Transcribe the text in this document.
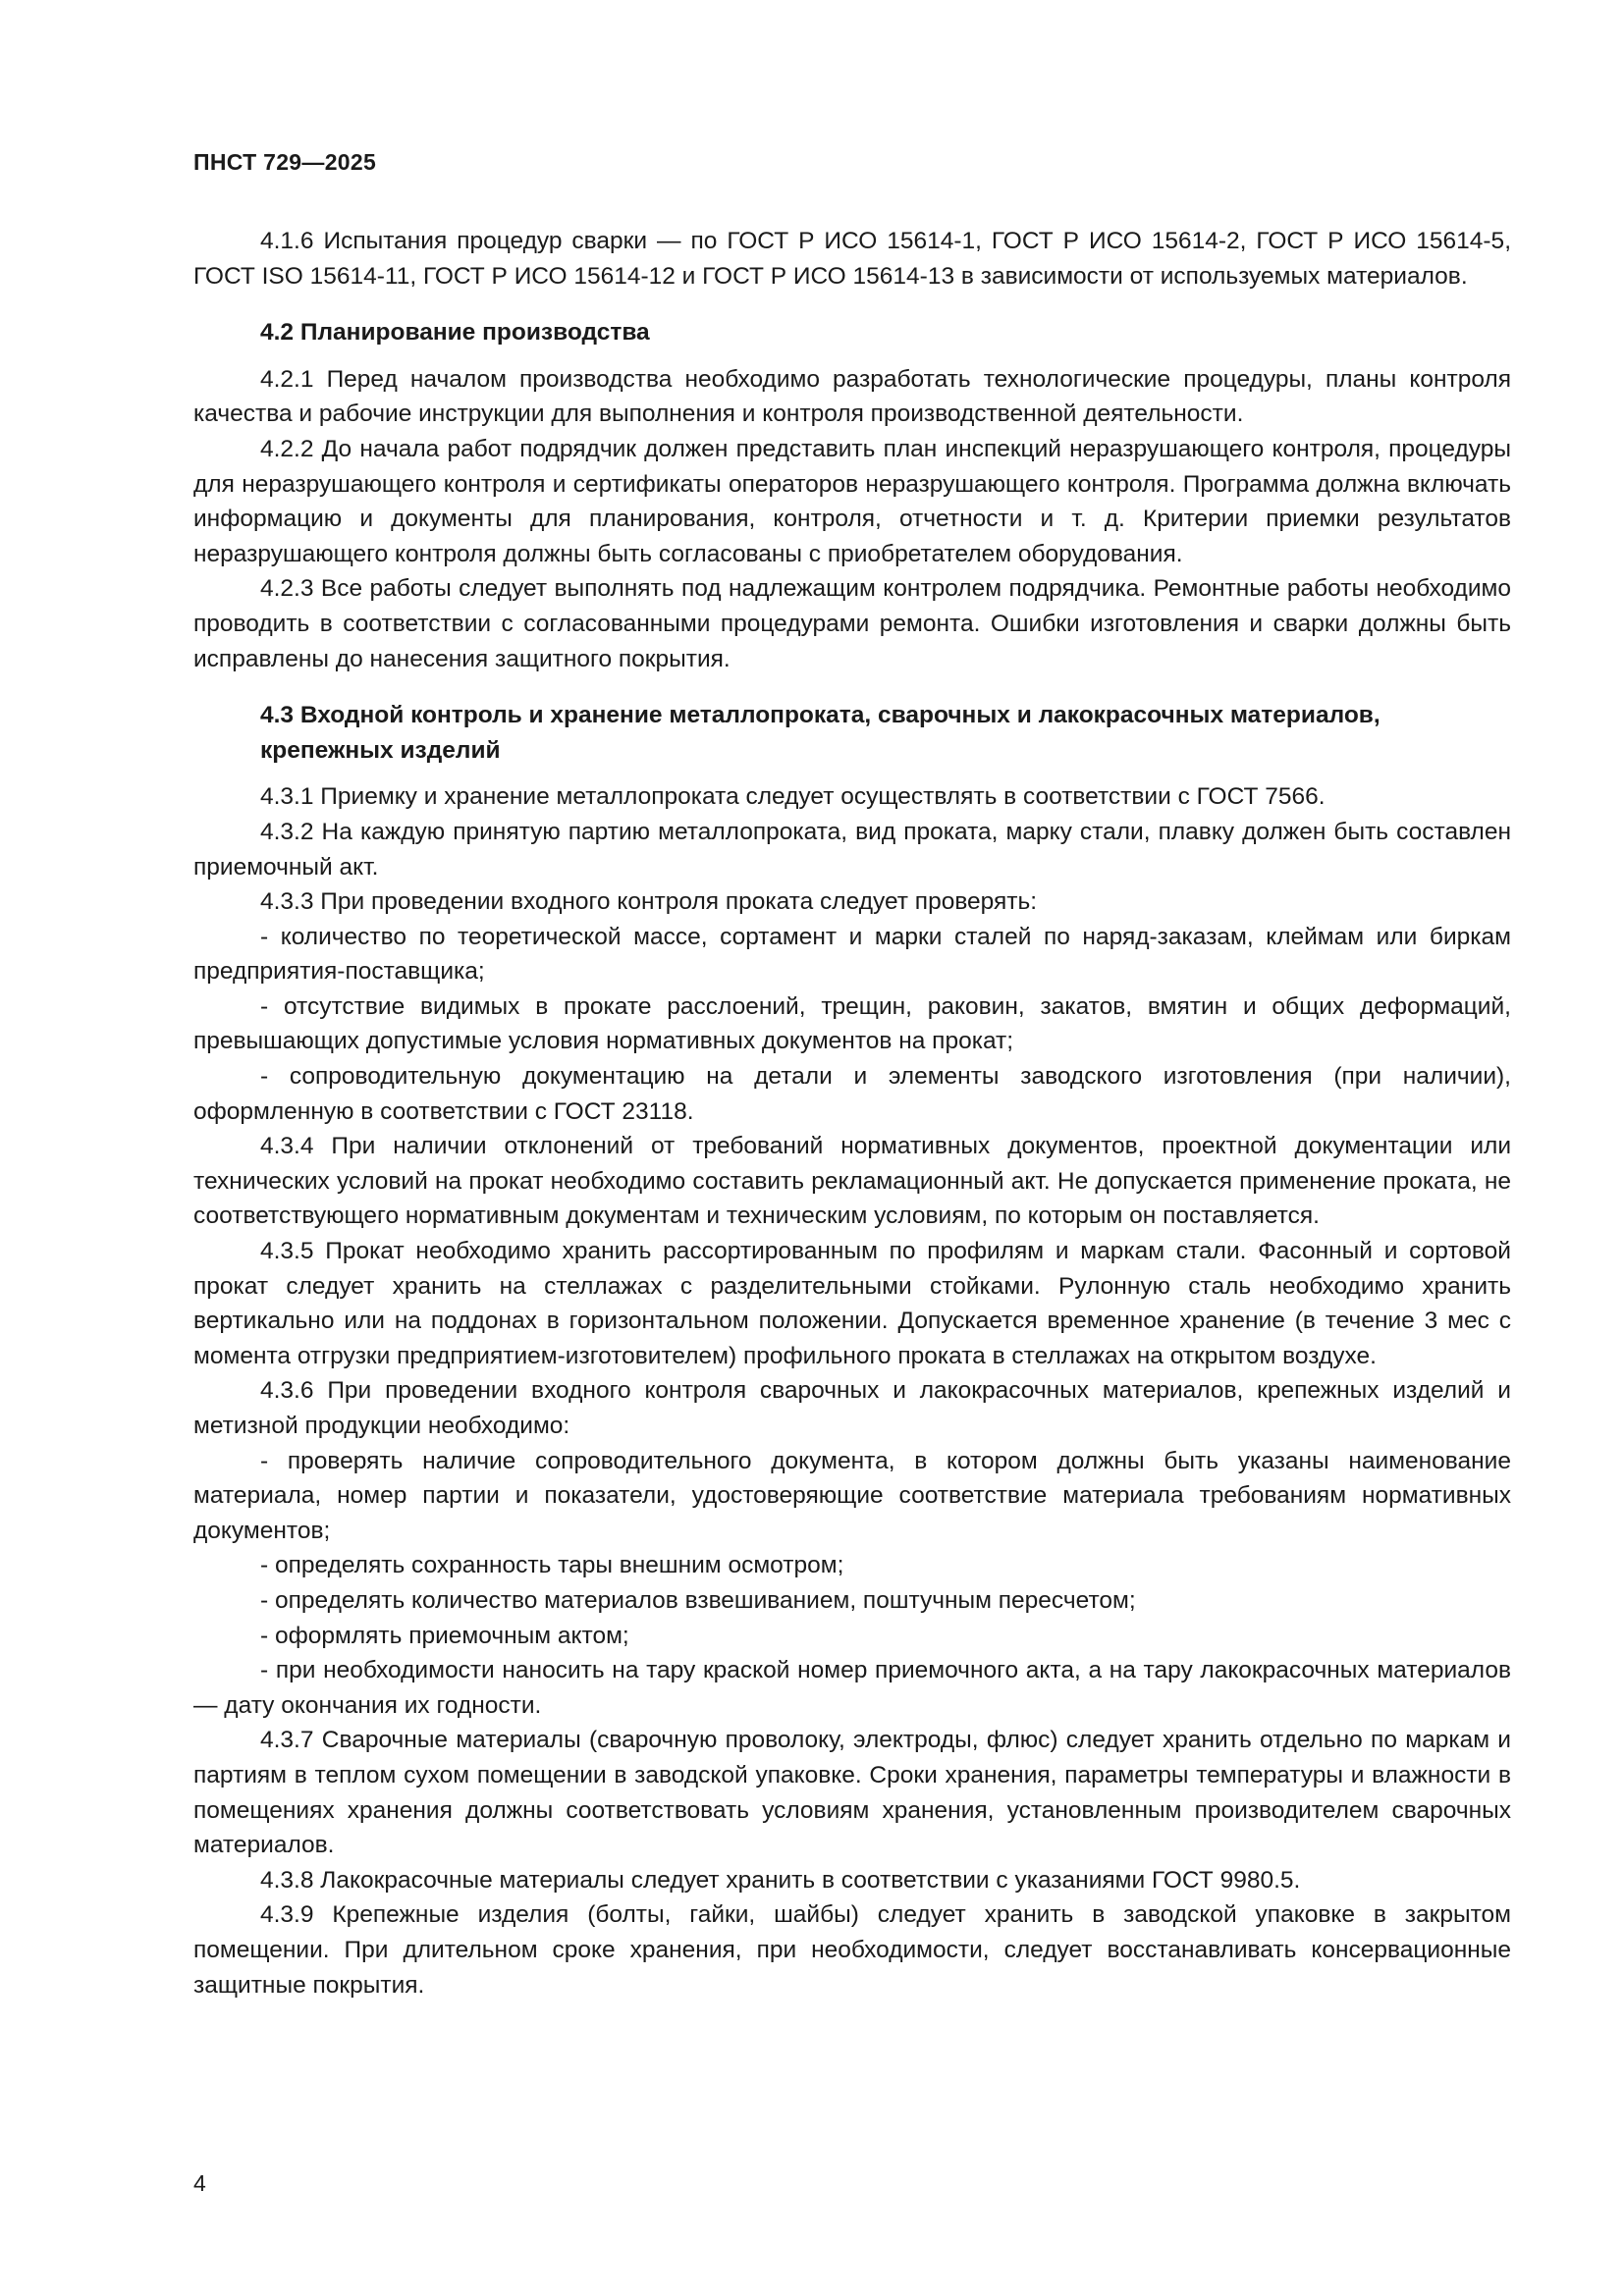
ПНСТ 729—2025

4.1.6 Испытания процедур сварки — по ГОСТ Р ИСО 15614-1, ГОСТ Р ИСО 15614-2, ГОСТ Р ИСО 15614-5, ГОСТ ISO 15614-11, ГОСТ Р ИСО 15614-12 и ГОСТ Р ИСО 15614-13 в зависимости от используемых материалов.

4.2 Планирование производства

4.2.1 Перед началом производства необходимо разработать технологические процедуры, планы контроля качества и рабочие инструкции для выполнения и контроля производственной деятельности.

4.2.2 До начала работ подрядчик должен представить план инспекций неразрушающего контроля, процедуры для неразрушающего контроля и сертификаты операторов неразрушающего контроля. Программа должна включать информацию и документы для планирования, контроля, отчетности и т. д. Критерии приемки результатов неразрушающего контроля должны быть согласованы с приобретателем оборудования.

4.2.3 Все работы следует выполнять под надлежащим контролем подрядчика. Ремонтные работы необходимо проводить в соответствии с согласованными процедурами ремонта. Ошибки изготовления и сварки должны быть исправлены до нанесения защитного покрытия.

4.3 Входной контроль и хранение металлопроката, сварочных и лакокрасочных материалов, крепежных изделий

4.3.1 Приемку и хранение металлопроката следует осуществлять в соответствии с ГОСТ 7566.

4.3.2 На каждую принятую партию металлопроката, вид проката, марку стали, плавку должен быть составлен приемочный акт.

4.3.3 При проведении входного контроля проката следует проверять:

- количество по теоретической массе, сортамент и марки сталей по наряд-заказам, клеймам или биркам предприятия-поставщика;

- отсутствие видимых в прокате расслоений, трещин, раковин, закатов, вмятин и общих деформаций, превышающих допустимые условия нормативных документов на прокат;

- сопроводительную документацию на детали и элементы заводского изготовления (при наличии), оформленную в соответствии с ГОСТ 23118.

4.3.4 При наличии отклонений от требований нормативных документов, проектной документации или технических условий на прокат необходимо составить рекламационный акт. Не допускается применение проката, не соответствующего нормативным документам и техническим условиям, по которым он поставляется.

4.3.5 Прокат необходимо хранить рассортированным по профилям и маркам стали. Фасонный и сортовой прокат следует хранить на стеллажах с разделительными стойками. Рулонную сталь необходимо хранить вертикально или на поддонах в горизонтальном положении. Допускается временное хранение (в течение 3 мес с момента отгрузки предприятием-изготовителем) профильного проката в стеллажах на открытом воздухе.

4.3.6 При проведении входного контроля сварочных и лакокрасочных материалов, крепежных изделий и метизной продукции необходимо:

- проверять наличие сопроводительного документа, в котором должны быть указаны наименование материала, номер партии и показатели, удостоверяющие соответствие материала требованиям нормативных документов;

- определять сохранность тары внешним осмотром;

- определять количество материалов взвешиванием, поштучным пересчетом;

- оформлять приемочным актом;

- при необходимости наносить на тару краской номер приемочного акта, а на тару лакокрасочных материалов — дату окончания их годности.

4.3.7 Сварочные материалы (сварочную проволоку, электроды, флюс) следует хранить отдельно по маркам и партиям в теплом сухом помещении в заводской упаковке. Сроки хранения, параметры температуры и влажности в помещениях хранения должны соответствовать условиям хранения, установленным производителем сварочных материалов.

4.3.8 Лакокрасочные материалы следует хранить в соответствии с указаниями ГОСТ 9980.5.

4.3.9 Крепежные изделия (болты, гайки, шайбы) следует хранить в заводской упаковке в закрытом помещении. При длительном сроке хранения, при необходимости, следует восстанавливать консервационные защитные покрытия.

4
